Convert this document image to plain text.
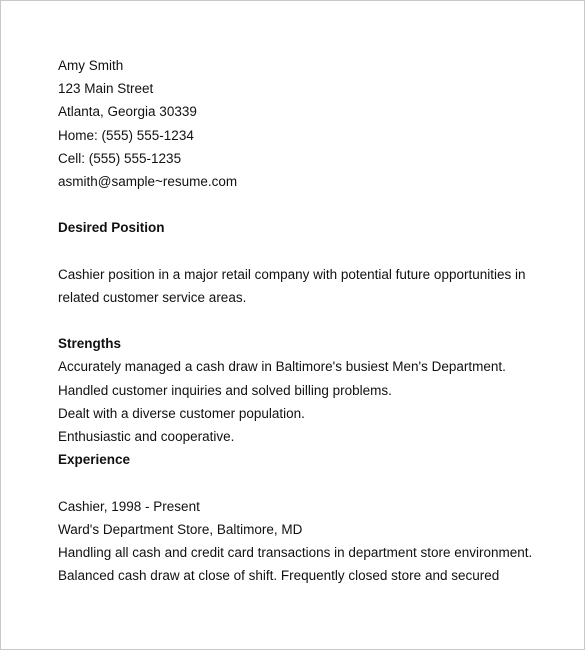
Amy Smith
123 Main Street
Atlanta, Georgia 30339
Home: (555) 555-1234
Cell: (555) 555-1235
asmith@sample~resume.com
Desired Position
Cashier position in a major retail company with potential future opportunities in
related customer service areas.
Strengths
Accurately managed a cash draw in Baltimore's busiest Men's Department.
Handled customer inquiries and solved billing problems.
Dealt with a diverse customer population.
Enthusiastic and cooperative.
Experience
Cashier, 1998 - Present
Ward's Department Store, Baltimore, MD
Handling all cash and credit card transactions in department store environment.
Balanced cash draw at close of shift. Frequently closed store and secured
